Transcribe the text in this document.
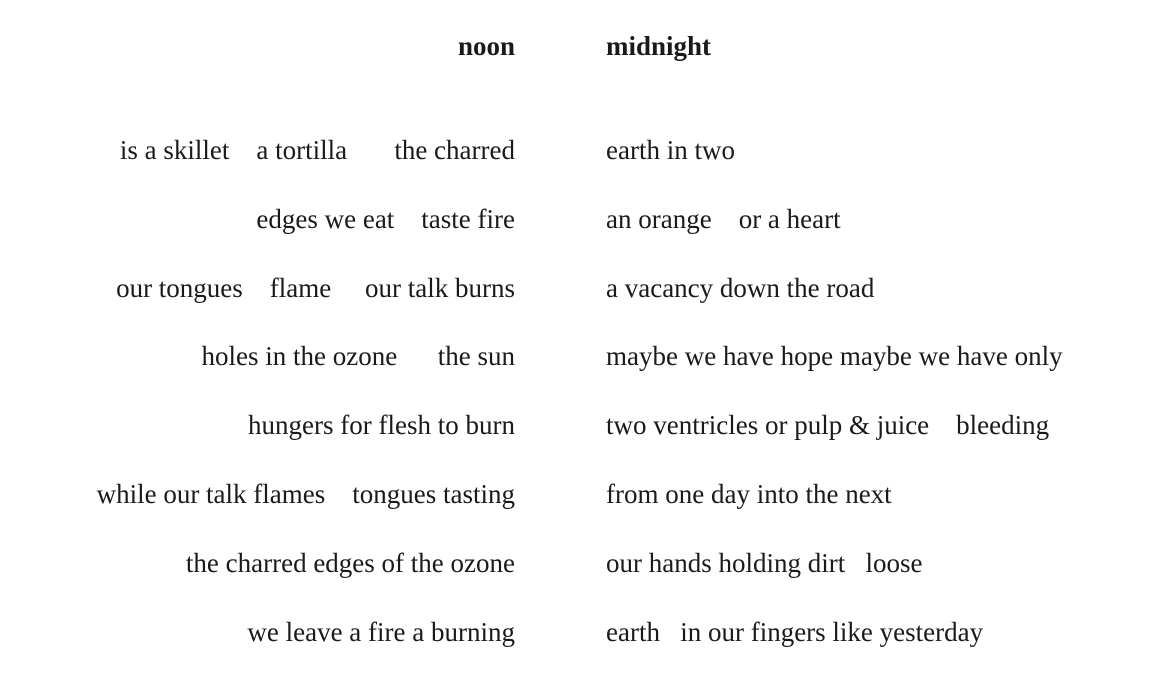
noon
is a skillet    a tortilla       the charred
edges we eat    taste fire
our tongues    flame     our talk burns
holes in the ozone      the sun
hungers for flesh to burn
while our talk flames    tongues tasting
the charred edges of the ozone
we leave a fire a burning
midnight
earth in two
an orange    or a heart
a vacancy down the road
maybe we have hope maybe we have only
two ventricles or pulp & juice    bleeding
from one day into the next
our hands holding dirt   loose
earth   in our fingers like yesterday
